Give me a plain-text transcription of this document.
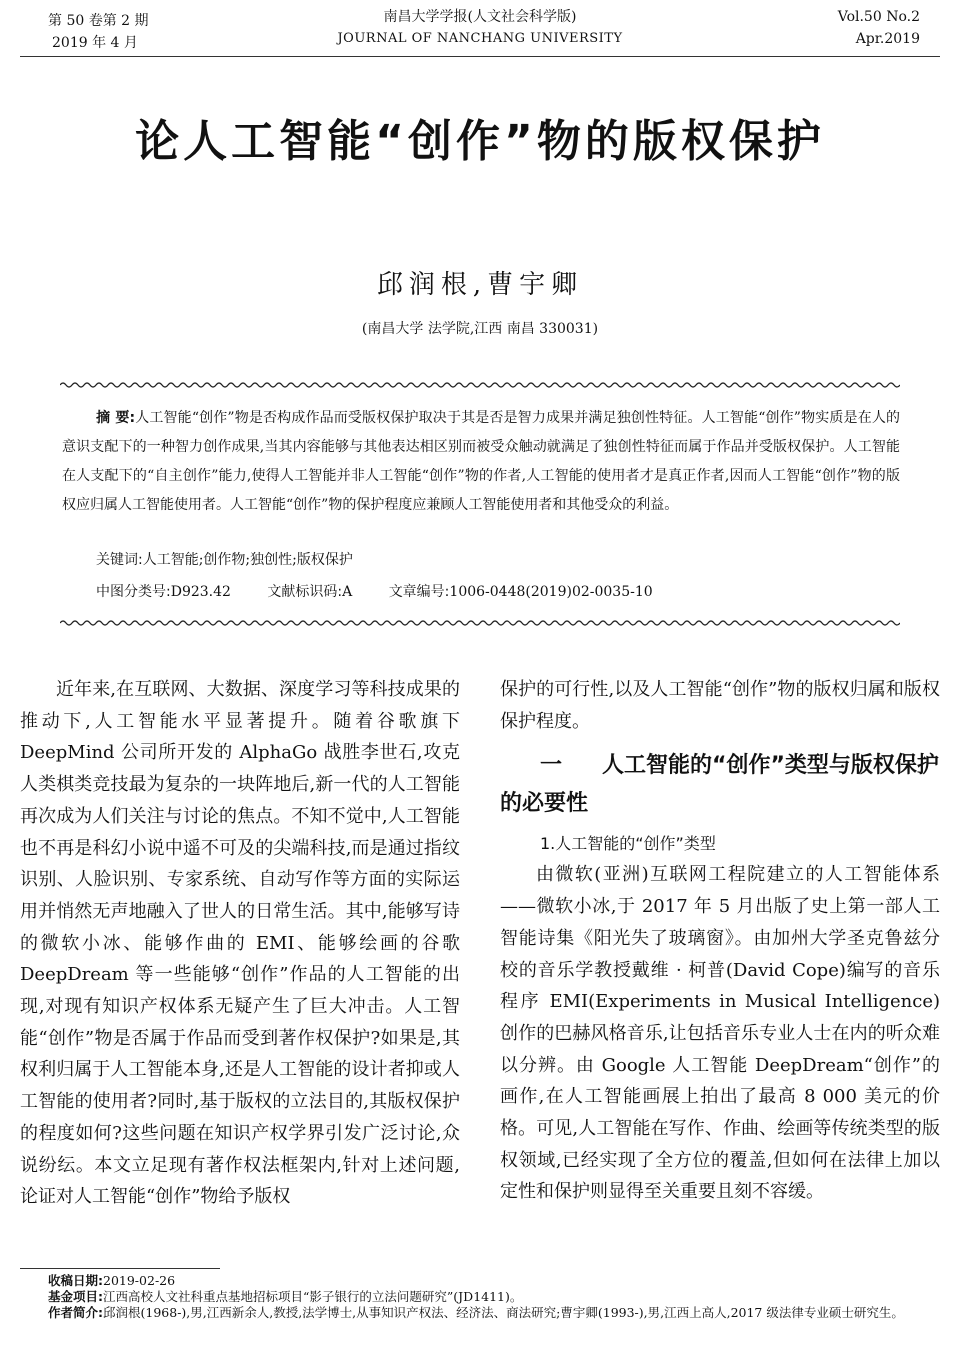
第 50 卷第 2 期
2019 年 4 月
南昌大学学报(人文社会科学版)
JOURNAL OF NANCHANG UNIVERSITY
Vol.50 No.2
Apr.2019
论人工智能“创作”物的版权保护
邱润根,曹宇卿
(南昌大学 法学院,江西 南昌 330031)
摘 要:人工智能“创作”物是否构成作品而受版权保护取决于其是否是智力成果并满足独创性特征。人工智能“创作”物实质是在人的意识支配下的一种智力创作成果,当其内容能够与其他表达相区别而被受众触动就满足了独创性特征而属于作品并受版权保护。人工智能在人支配下的“自主创作”能力,使得人工智能并非人工智能“创作”物的作者,人工智能的使用者才是真正作者,因而人工智能“创作”物的版权应归属人工智能使用者。人工智能“创作”物的保护程度应兼顾人工智能使用者和其他受众的利益。
关键词:人工智能;创作物;独创性;版权保护
中图分类号:D923.42	文献标识码:A	文章编号:1006-0448(2019)02-0035-10

近年来,在互联网、大数据、深度学习等科技成果的推动下,人工智能水平显著提升。随着谷歌旗下 DeepMind 公司所开发的 AlphaGo 战胜李世石,攻克人类棋类竞技最为复杂的一块阵地后,新一代的人工智能再次成为人们关注与讨论的焦点。不知不觉中,人工智能也不再是科幻小说中遥不可及的尖端科技,而是通过指纹识别、人脸识别、专家系统、自动写作等方面的实际运用并悄然无声地融入了世人的日常生活。其中,能够写诗的微软小冰、能够作曲的 EMI、能够绘画的谷歌 DeepDream 等一些能够“创作”作品的人工智能的出现,对现有知识产权体系无疑产生了巨大冲击。人工智能“创作”物是否属于作品而受到著作权保护?如果是,其权利归属于人工智能本身,还是人工智能的设计者抑或人工智能的使用者?同时,基于版权的立法目的,其版权保护的程度如何?这些问题在知识产权学界引发广泛讨论,众说纷纭。本文立足现有著作权法框架内,针对上述问题,论证对人工智能“创作”物给予版权

保护的可行性,以及人工智能“创作”物的版权归属和版权保护程度。

一 人工智能的“创作”类型与版权保护的必要性
1.人工智能的“创作”类型

由微软(亚洲)互联网工程院建立的人工智能体系——微软小冰,于 2017 年 5 月出版了史上第一部人工智能诗集《阳光失了玻璃窗》。由加州大学圣克鲁兹分校的音乐学教授戴维 · 柯普(David Cope)编写的音乐程序 EMI(Experiments in Musical Intelligence)创作的巴赫风格音乐,让包括音乐专业人士在内的听众难以分辨。由 Google 人工智能 DeepDream“创作”的画作,在人工智能画展上拍出了最高 8 000 美元的价格。可见,人工智能在写作、作曲、绘画等传统类型的版权领域,已经实现了全方位的覆盖,但如何在法律上加以定性和保护则显得至关重要且刻不容缓。

收稿日期: 2019-02-26
基金项目: 江西高校人文社科重点基地招标项目“影子银行的立法问题研究”(JD1411)。
作者简介: 邱润根(1968-),男,江西新余人,教授,法学博士,从事知识产权法、经济法、商法研究;曹宇卿(1993-),男,江西上高人,2017 级法律专业硕士研究生。
